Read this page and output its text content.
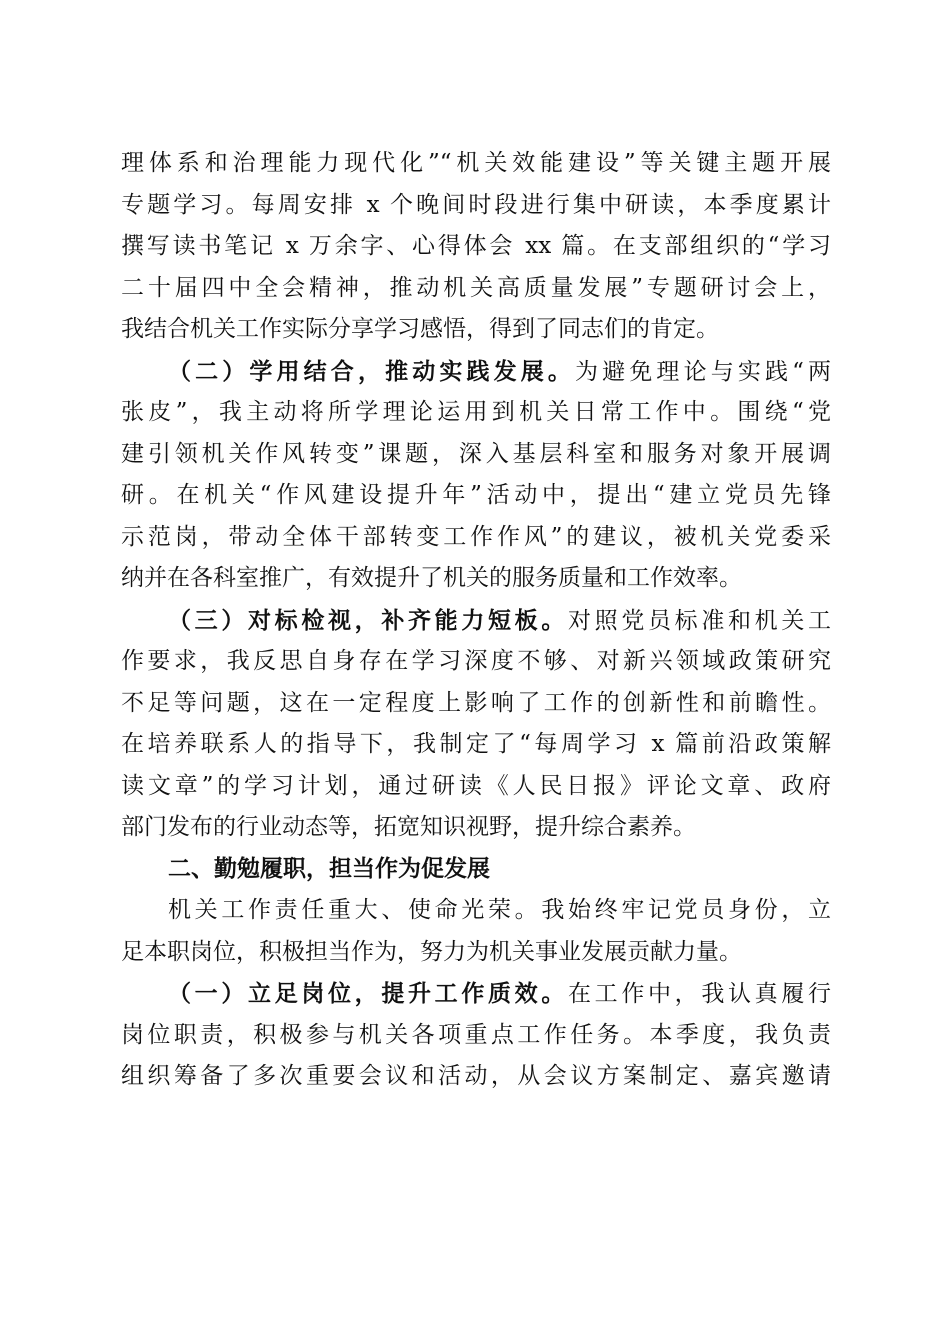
理体系和治理能力现代化”“机关效能建设”等关键主题开展
专题学习。每周安排 x 个晚间时段进行集中研读，本季度累计
撰写读书笔记 x 万余字、心得体会 xx 篇。在支部组织的“学习
二十届四中全会精神，推动机关高质量发展”专题研讨会上，
我结合机关工作实际分享学习感悟，得到了同志们的肯定。
（二）学用结合，推动实践发展。为避免理论与实践“两
张皮”，我主动将所学理论运用到机关日常工作中。围绕“党
建引领机关作风转变”课题，深入基层科室和服务对象开展调
研。在机关“作风建设提升年”活动中，提出“建立党员先锋
示范岗，带动全体干部转变工作作风”的建议，被机关党委采
纳并在各科室推广，有效提升了机关的服务质量和工作效率。
（三）对标检视，补齐能力短板。对照党员标准和机关工
作要求，我反思自身存在学习深度不够、对新兴领域政策研究
不足等问题，这在一定程度上影响了工作的创新性和前瞻性。
在培养联系人的指导下，我制定了“每周学习 x 篇前沿政策解
读文章”的学习计划，通过研读《人民日报》评论文章、政府
部门发布的行业动态等，拓宽知识视野，提升综合素养。
二、勤勉履职，担当作为促发展
机关工作责任重大、使命光荣。我始终牢记党员身份，立
足本职岗位，积极担当作为，努力为机关事业发展贡献力量。
（一）立足岗位，提升工作质效。在工作中，我认真履行
岗位职责，积极参与机关各项重点工作任务。本季度，我负责
组织筹备了多次重要会议和活动，从会议方案制定、嘉宾邀请
